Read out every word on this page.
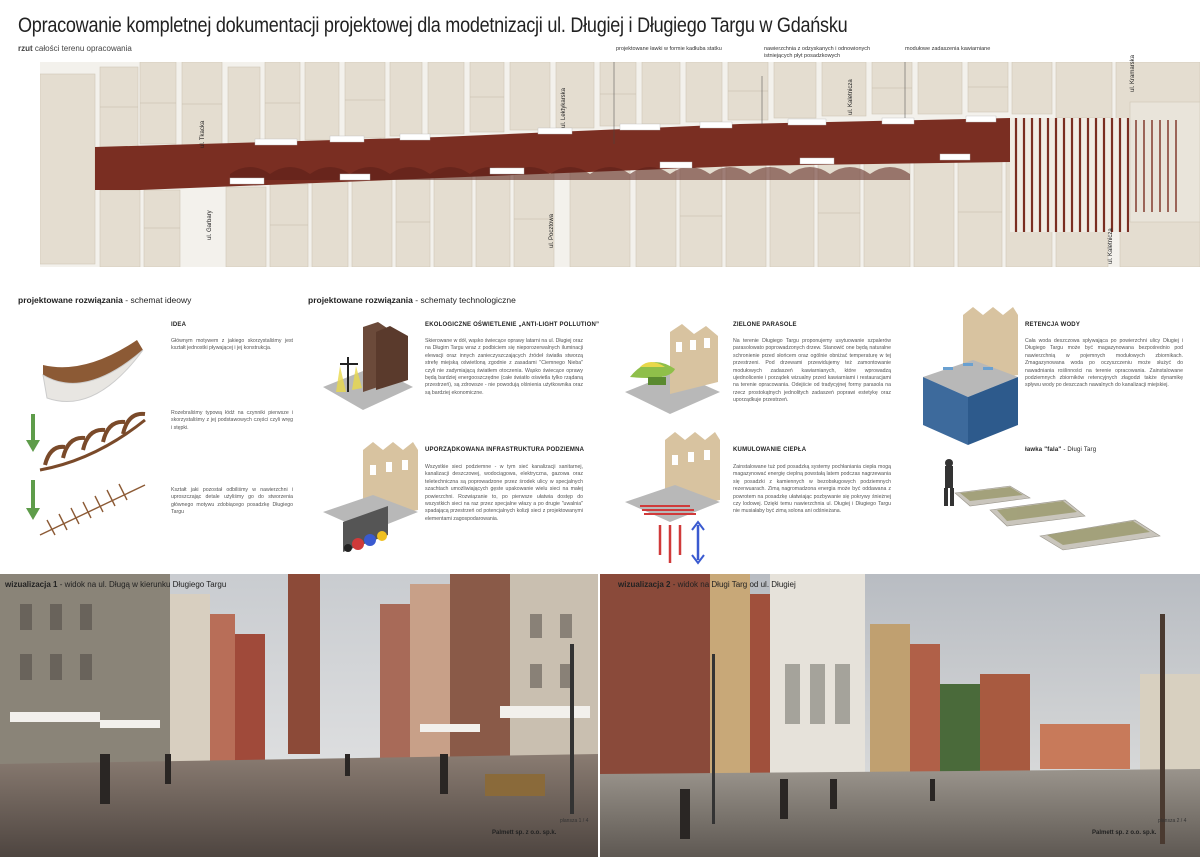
Opracowanie kompletnej dokumentacji projektowej dla modetnizacji ul. Długiej i Długiego Targu w Gdańsku
rzut całości terenu opracowania	projektowane ławki w formie kadłuba statku	nawierzchnia z odzyskanych i odnowionych istniejących płyt posadzkowych
modułowe zadaszenia kawiarniane
ul. Tkacka
ul. Garbary
ul. Lektykarska
ul. Pocztowa
ul. Kaletnicza
ul. Kramarska
ul. Kaletnicza
projektowane rozwiązania - schemat ideowy
IDEA
Głównym motywem z jakiego skorzystaliśmy jest kształt jednostki pływającej i jej konstrukcja.
Rozebraliśmy typową łódź na czynniki pierwsze i skorzystaliśmy z jej podstawowych części czyli wręg i stępki.
Kształt jaki pozostał odbiliśmy w nawierzchni i uproszczając detale użyliśmy go do stworzenia głównego motywu zdobiącego posadzkę Długiego Targu
projektowane rozwiązania - schematy technologiczne
EKOLOGICZNE OŚWIETLENIE „ANTI-LIGHT POLLUTION”
Skierowane w dół, wąsko świecące oprawy latarni na ul. Długiej oraz na Długim Targu wraz z podbiciem się nieporozerwalnych iluminacji elewacji oraz innych zanieczyszczających źródeł światła stworzą strefę miejską oświetloną zgodnie z zasadami "Ciemnego Nieba" czyli nie zadymiającą światłem otoczenia. Wąsko świecące oprawy będą bardziej energooszczędne (całe światło oświetla tylko rządaną przestrzeń), są zdrowsze - nie powodują olśnienia użytkownika oraz są bardziej ekonomiczne.
ZIELONE PARASOLE
Na terenie Długiego Targu proponujemy usytuowanie szpalerów parasolowato poprowadzonych drzew. Stanowić one będą naturalne schronienie przed słońcem oraz ogólnie obniżać temperaturę w tej przestrzeni. Pod drzewami przewidujemy też zamontowanie modułowych zadaszeń kawiarnianych, które wprowadzą ujednolicenie i porządek wizualny przed kawiarniami i restauracjami na terenie opracowania. Odejście od tradycyjnej formy parasola na rzecz prostokątnych jednolitych zadaszeń poprawi estetykę oraz uporządkuje przestrzeń.
RETENCJA WODY
Cała woda deszczowa spływająca po powierzchni ulicy Długiej i Długiego Targu może być magazynowana bezpośrednio pod nawierzchnią w pojemnych modułowych zbiornikach. Zmagazynowana woda po oczyszczeniu może służyć do nawadniania roślinności na terenie opracowania. Zainstalowane podziemnych zbiorników retencyjnych złagodzi także dynamikę spływu wody po deszczach nawalnych do kanalizacji miejskiej.
UPORZĄDKOWANA INFRASTRUKTURA PODZIEMNA
Wszystkie sieci podziemne - w tym sieć kanalizacji sanitarnej, kanalizacji deszczowej, wodociągowa, elektryczna, gazowa oraz teletechniczna są poprowadzone przez środek ulicy w specjalnych szachtach umożliwiających gęste upakowanie wielu sieci na małej powierzchni. Rozwiązanie to, po pierwsze ułatwia dostęp do wszystkich sieci na raz przez specjalne włazy a po drugie "uwalnia" spadającą przestrzeń od potencjalnych kolizji sieci z projektowanymi elementami zagospodarowania.
KUMULOWANIE CIEPŁA
Zainstalowane tuż pod posadzką systemy pochłaniania ciepła mogą magazynować energię cieplną powstałą latem podczas nagrzewania się posadzki z kamiennych w bezobsługowych podziemnych rezerwuarach. Zimą nagromadzona energia może być oddawana z powrotem na posadzkę ułatwiając pozbywanie się pokrywy śnieżnej czy lodowej. Dzięki temu nawierzchnia ul. Długiej i Długiego Targu nie musiałaby być zimą solona ani odśnieżana.
ławka "fala" - Długi Targ
wizualizacja 1 - widok na ul. Długą w kierunku Długiego Targu	wizualizacja 2 - widok na Długi Targ od ul. Długiej
Palmett sp. z o.o. sp.k.
plansza 1 / 4
Palmett sp. z o.o. sp.k.
plansza 2 / 4
